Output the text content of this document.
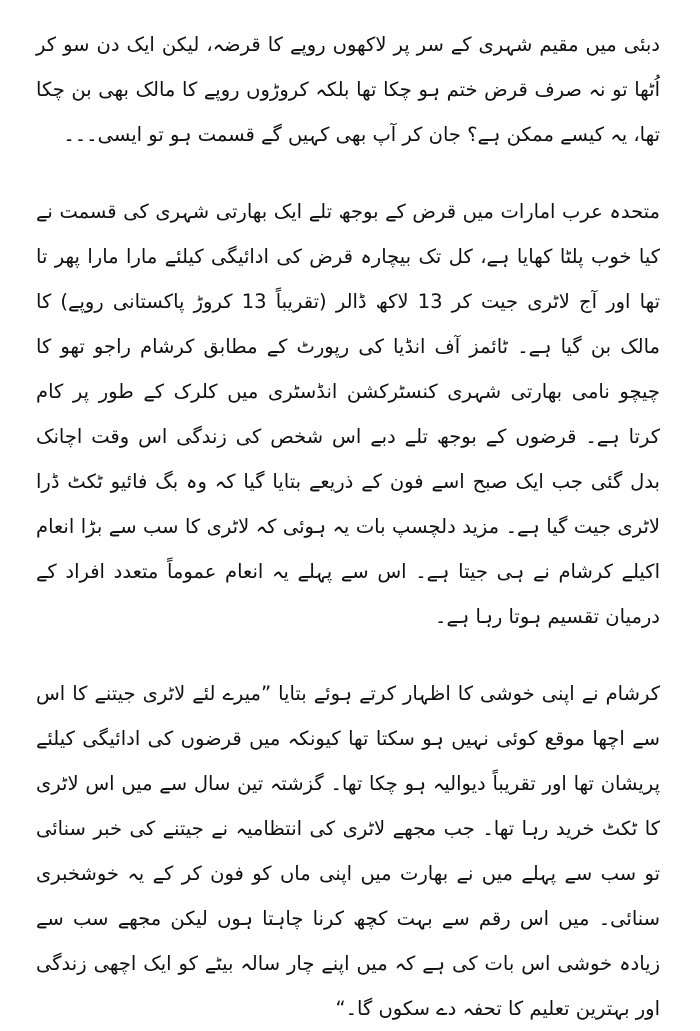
دبئی میں مقیم شہری کے سر پر لاکھوں روپے کا قرضہ، لیکن ایک دن سو کر اُٹھا تو نہ صرف قرض ختم ہو چکا تھا بلکہ کروڑوں روپے کا مالک بھی بن چکا تھا، یہ کیسے ممکن ہے؟ جان کر آپ بھی کہیں گے قسمت ہو تو ایسی۔۔۔

متحدہ عرب امارات میں قرض کے بوجھ تلے ایک بھارتی شہری کی قسمت نے کیا خوب پلٹا کھایا ہے، کل تک بیچارہ قرض کی ادائیگی کیلئے مارا مارا پھر تا تھا اور آج لاٹری جیت کر 13 لاکھ ڈالر (تقریباً 13 کروڑ پاکستانی روپے) کا مالک بن گیا ہے۔ ٹائمز آف انڈیا کی رپورٹ کے مطابق کرشام راجو تھو کا چیچو نامی بھارتی شہری کنسٹرکشن انڈسٹری میں کلرک کے طور پر کام کرتا ہے۔ قرضوں کے بوجھ تلے دبے اس شخص کی زندگی اس وقت اچانک بدل گئی جب ایک صبح اسے فون کے ذریعے بتایا گیا کہ وہ بگ فائیو ٹکٹ ڈرا لاٹری جیت گیا ہے۔ مزید دلچسپ بات یہ ہوئی کہ لاٹری کا سب سے بڑا انعام اکیلے کرشام نے ہی جیتا ہے۔ اس سے پہلے یہ انعام عموماً متعدد افراد کے درمیان تقسیم ہوتا رہا ہے۔

کرشام نے اپنی خوشی کا اظہار کرتے ہوئے بتایا ”میرے لئے لاٹری جیتنے کا اس سے اچھا موقع کوئی نہیں ہو سکتا تھا کیونکہ میں قرضوں کی ادائیگی کیلئے پریشان تھا اور تقریباً دیوالیہ ہو چکا تھا۔ گزشتہ تین سال سے میں اس لاٹری کا ٹکٹ خرید رہا تھا۔ جب مجھے لاٹری کی انتظامیہ نے جیتنے کی خبر سنائی تو سب سے پہلے میں نے بھارت میں اپنی ماں کو فون کر کے یہ خوشخبری سنائی۔ میں اس رقم سے بہت کچھ کرنا چاہتا ہوں لیکن مجھے سب سے زیادہ خوشی اس بات کی ہے کہ میں اپنے چار سالہ بیٹے کو ایک اچھی زندگی اور بہترین تعلیم کا تحفہ دے سکوں گا۔“
